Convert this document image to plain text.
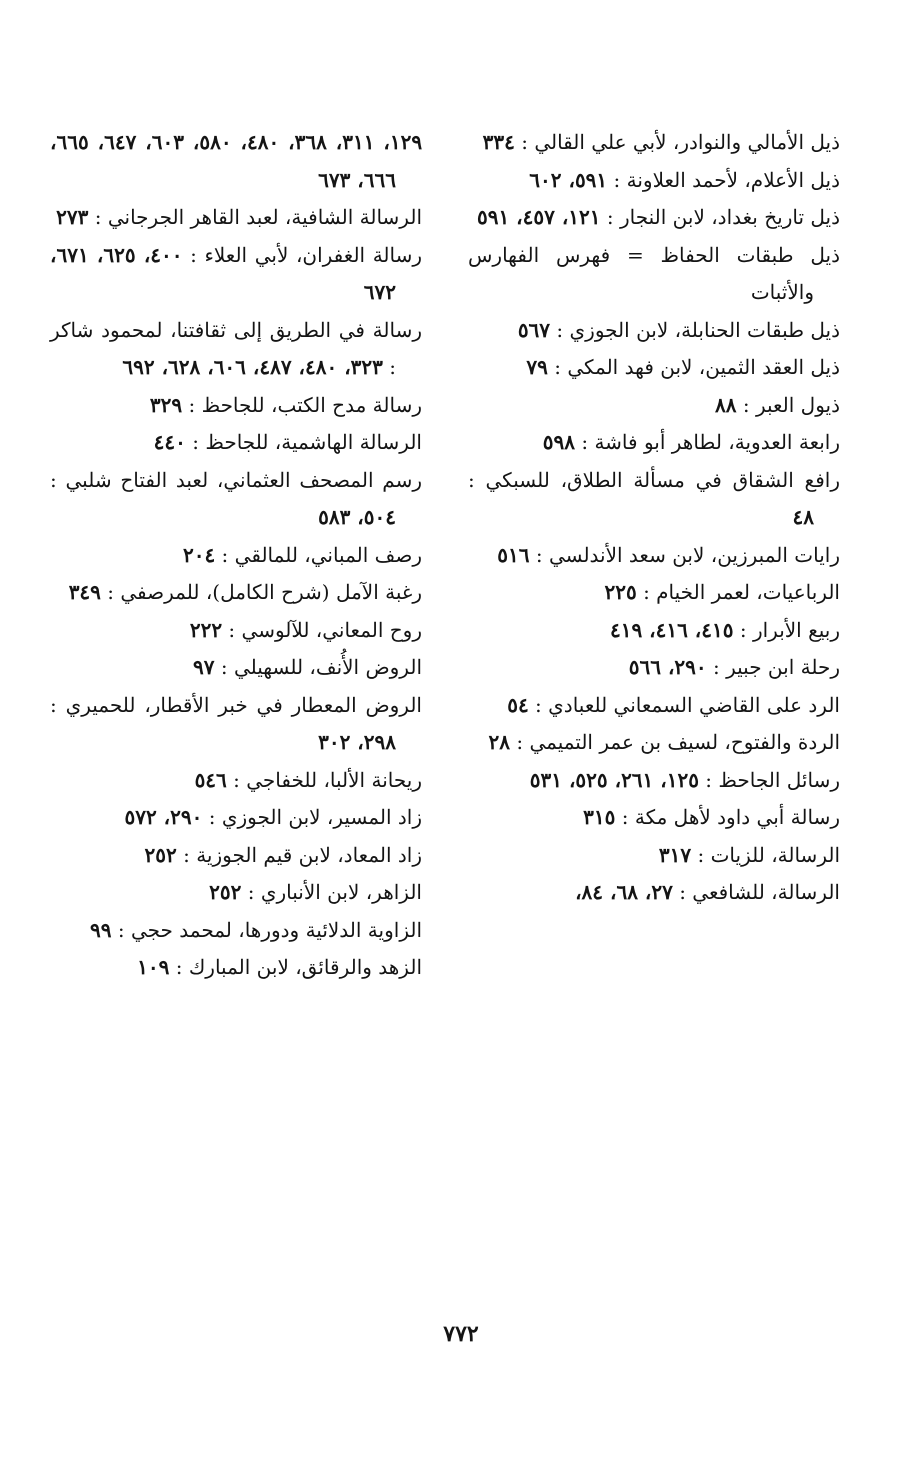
ذيل الأمالي والنوادر، لأبي علي القالي : ٣٣٤
ذيل الأعلام، لأحمد العلاونة : ٥٩١، ٦٠٢
ذيل تاريخ بغداد، لابن النجار : ١٢١، ٤٥٧، ٥٩١
ذيل طبقات الحفاظ = فهرس الفهارس والأثبات
ذيل طبقات الحنابلة، لابن الجوزي : ٥٦٧
ذيل العقد الثمين، لابن فهد المكي : ٧٩
ذيول العبر : ٨٨
رابعة العدوية، لطاهر أبو فاشة : ٥٩٨
رافع الشقاق في مسألة الطلاق، للسبكي : ٤٨
رايات المبرزين، لابن سعد الأندلسي : ٥١٦
الرباعيات، لعمر الخيام : ٢٢٥
ربيع الأبرار : ٤١٥، ٤١٦، ٤١٩
رحلة ابن جبير : ٢٩٠، ٥٦٦
الرد على القاضي السمعاني للعبادي : ٥٤
الردة والفتوح، لسيف بن عمر التميمي : ٢٨
رسائل الجاحظ : ١٢٥، ٢٦١، ٥٢٥، ٥٣١
رسالة أبي داود لأهل مكة : ٣١٥
الرسالة، للزيات : ٣١٧
الرسالة، للشافعي : ٢٧، ٦٨، ٨٤،
١٢٩، ٣١١، ٣٦٨، ٤٨٠، ٥٨٠، ٦٠٣، ٦٤٧، ٦٦٥، ٦٦٦، ٦٧٣
الرسالة الشافية، لعبد القاهر الجرجاني : ٢٧٣
رسالة الغفران، لأبي العلاء : ٤٠٠، ٦٢٥، ٦٧١، ٦٧٢
رسالة في الطريق إلى ثقافتنا، لمحمود شاكر : ٣٢٣، ٤٨٠، ٤٨٧، ٦٠٦، ٦٢٨، ٦٩٢
رسالة مدح الكتب، للجاحظ : ٣٢٩
الرسالة الهاشمية، للجاحظ : ٤٤٠
رسم المصحف العثماني، لعبد الفتاح شلبي : ٥٠٤، ٥٨٣
رصف المباني، للمالقي : ٢٠٤
رغبة الآمل (شرح الكامل)، للمرصفي : ٣٤٩
روح المعاني، للآلوسي : ٢٢٢
الروض الأُنف، للسهيلي : ٩٧
الروض المعطار في خبر الأقطار، للحميري : ٢٩٨، ٣٠٢
ريحانة الألبا، للخفاجي : ٥٤٦
زاد المسير، لابن الجوزي : ٢٩٠، ٥٧٢
زاد المعاد، لابن قيم الجوزية : ٢٥٢
الزاهر، لابن الأنباري : ٢٥٢
الزاوية الدلائية ودورها، لمحمد حجي : ٩٩
الزهد والرقائق، لابن المبارك : ١٠٩
٧٧٢
